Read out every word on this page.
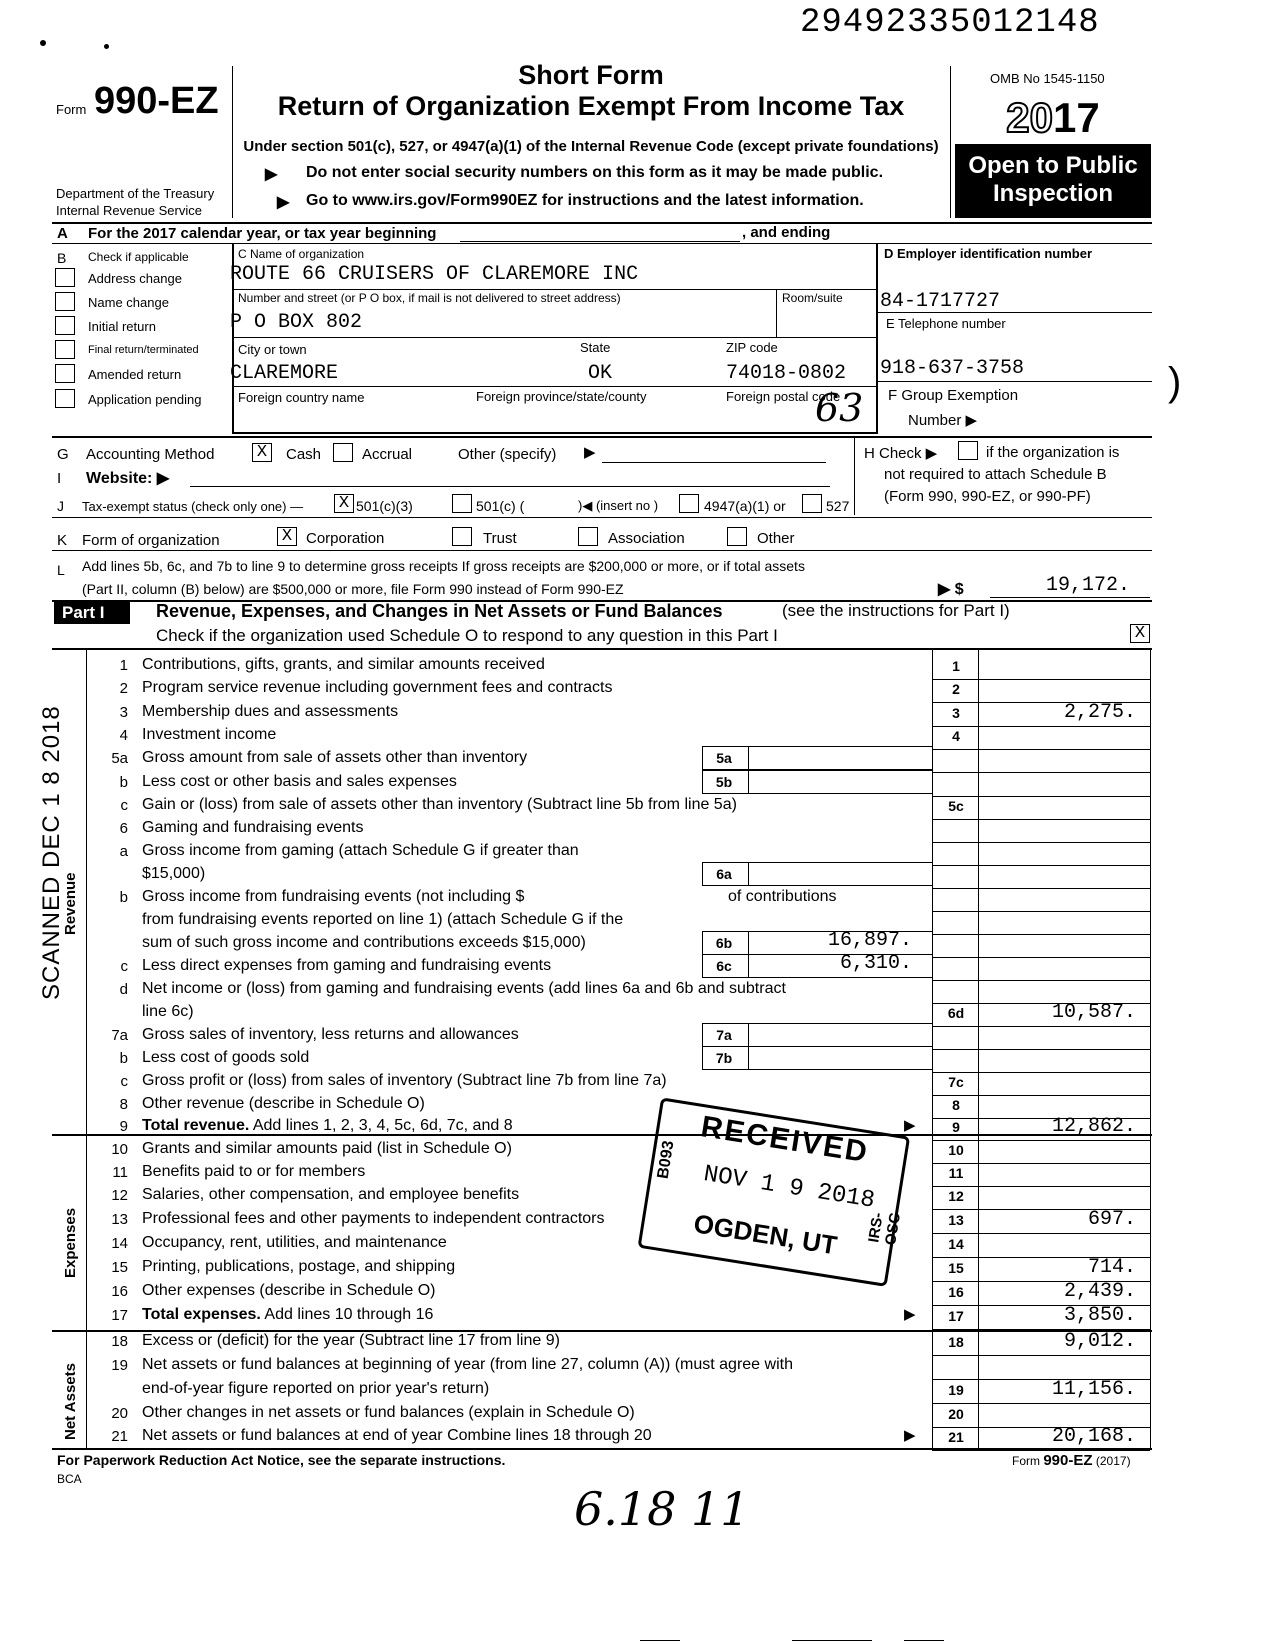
29492335012148
Form 990-EZ
Department of the Treasury
Internal Revenue Service
Short Form
Return of Organization Exempt From Income Tax
Under section 501(c), 527, or 4947(a)(1) of the Internal Revenue Code (except private foundations)
▶ Do not enter social security numbers on this form as it may be made public.
▶ Go to www.irs.gov/Form990EZ for instructions and the latest information.
OMB No 1545-1150
2017
Open to Public
Inspection
A For the 2017 calendar year, or tax year beginning	, and ending
B Check if applicable
Address change
Name change
Initial return
Final return/terminated
Amended return
Application pending
C Name of organization
ROUTE 66 CRUISERS OF CLAREMORE INC
Number and street (or P O box, if mail is not delivered to street address)	Room/suite
P O BOX 802
City or town	State	ZIP code
CLAREMORE	OK	74018-0802
Foreign country name	Foreign province/state/county	Foreign postal code
63
D Employer identification number
84-1717727
E Telephone number
918-637-3758
F Group Exemption
Number ▶
)
G Accounting Method X	Cash	Accrual	Other (specify) ▶
I Website: ▶
J Tax-exempt status (check only one) — X 501(c)(3)	501(c) (	)◀ (insert no )	4947(a)(1) or	527
H Check ▶	if the organization is
not required to attach Schedule B
(Form 990, 990-EZ, or 990-PF)
K Form of organization	X Corporation	Trust	Association	Other
L Add lines 5b, 6c, and 7b to line 9 to determine gross receipts If gross receipts are $200,000 or more, or if total assets
(Part II, column (B) below) are $500,000 or more, file Form 990 instead of Form 990-EZ	▶ $	19,172.
Part I	Revenue, Expenses, and Changes in Net Assets or Fund Balances	(see the instructions for Part I)
Check if the organization used Schedule O to respond to any question in this Part I	X
Revenue
Expenses
Net Assets
SCANNED DEC 1 8 2018
1 Contributions, gifts, grants, and similar amounts received	1
2 Program service revenue including government fees and contracts	2
3 Membership dues and assessments	3	2,275.
4 Investment income	4
5a Gross amount from sale of assets other than inventory	5a
b Less cost or other basis and sales expenses	5b
c Gain or (loss) from sale of assets other than inventory (Subtract line 5b from line 5a)	5c
6 Gaming and fundraising events
a Gross income from gaming (attach Schedule G if greater than
$15,000)	6a
b Gross income from fundraising events (not including $	of contributions
from fundraising events reported on line 1) (attach Schedule G if the
sum of such gross income and contributions exceeds $15,000)	6b	16,897.
c Less direct expenses from gaming and fundraising events	6c	6,310.
d Net income or (loss) from gaming and fundraising events (add lines 6a and 6b and subtract
line 6c)	6d	10,587.
7a Gross sales of inventory, less returns and allowances	7a
b Less cost of goods sold	7b
c Gross profit or (loss) from sales of inventory (Subtract line 7b from line 7a)	7c
8 Other revenue (describe in Schedule O)	8
9 Total revenue. Add lines 1, 2, 3, 4, 5c, 6d, 7c, and 8	9	12,862.
10 Grants and similar amounts paid (list in Schedule O)	10
11 Benefits paid to or for members	11
12 Salaries, other compensation, and employee benefits	12
13 Professional fees and other payments to independent contractors	13	697.
14 Occupancy, rent, utilities, and maintenance	14
15 Printing, publications, postage, and shipping	15	714.
16 Other expenses (describe in Schedule O)	16	2,439.
17 Total expenses. Add lines 10 through 16	17	3,850.
18 Excess or (deficit) for the year (Subtract line 17 from line 9)	18	9,012.
19 Net assets or fund balances at beginning of year (from line 27, column (A)) (must agree with
end-of-year figure reported on prior year's return)	19	11,156.
20 Other changes in net assets or fund balances (explain in Schedule O)	20
21 Net assets or fund balances at end of year Combine lines 18 through 20	21	20,168.
▶
▶
▶
For Paperwork Reduction Act Notice, see the separate instructions.
BCA
Form 990-EZ (2017)
6.18 11
RECEIVED
NOV 1 9 2018
OGDEN, UT
B093
IRS-OSC
